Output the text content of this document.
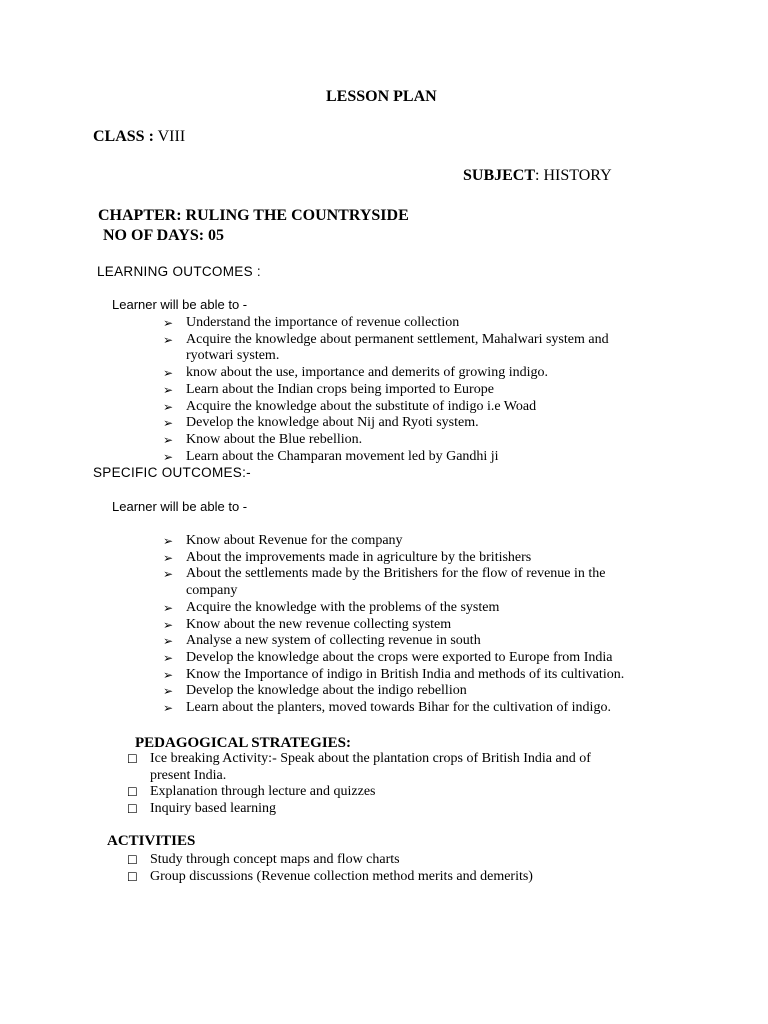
LESSON PLAN
CLASS : VIII
SUBJECT: HISTORY
CHAPTER: RULING THE COUNTRYSIDE
NO OF DAYS: 05
LEARNING OUTCOMES :
Learner will be able to -
➢ Understand the importance of revenue collection
➢ Acquire the knowledge about permanent settlement, Mahalwari system and
ryotwari system.
➢ know about the use, importance and demerits of growing indigo.
➢ Learn about the Indian crops being imported to Europe
➢ Acquire the knowledge about the substitute of indigo i.e Woad
➢ Develop the knowledge about Nij and Ryoti system.
➢ Know about the Blue rebellion.
➢ Learn about the Champaran movement led by Gandhi ji
SPECIFIC OUTCOMES:-
Learner will be able to -
➢ Know about Revenue for the company
➢ About the improvements made in agriculture by the britishers
➢ About the settlements made by the Britishers for the flow of revenue in the
company
➢ Acquire the knowledge with the problems of the system
➢ Know about the new revenue collecting system
➢ Analyse a new system of collecting revenue in south
➢ Develop the knowledge about the crops were exported to Europe from India
➢ Know the Importance of indigo in British India and methods of its cultivation.
➢ Develop the knowledge about the indigo rebellion
➢ Learn about the planters, moved towards Bihar for the cultivation of indigo.
PEDAGOGICAL STRATEGIES:
☐ Ice breaking Activity:- Speak about the plantation crops of British India and of
present India.
☐ Explanation through lecture and quizzes
☐ Inquiry based learning
ACTIVITIES
☐ Study through concept maps and flow charts
☐ Group discussions (Revenue collection method merits and demerits)
